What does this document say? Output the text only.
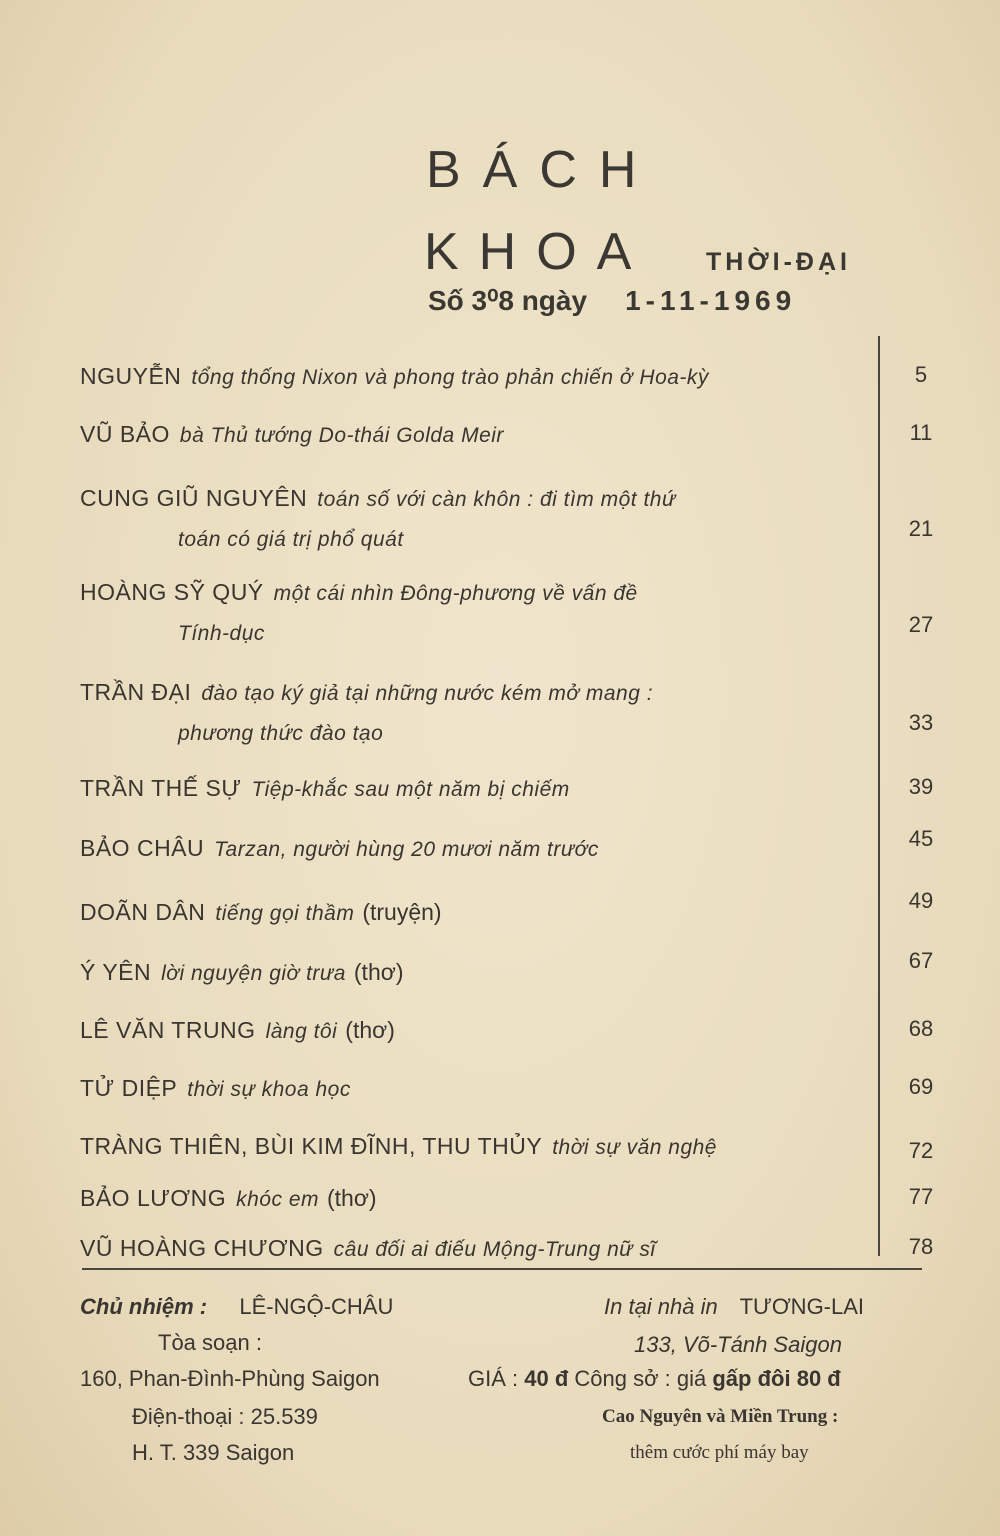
BÁCH
KHOA THỜI-ĐẠI
Số 3⁰8 ngày 1-11-1969
NGUYỄN tổng thống Nixon và phong trào phản chiến ở Hoa-kỳ	5
VŨ BẢO bà Thủ tướng Do-thái Golda Meir	11
CUNG GIŨ NGUYÊN toán số với càn khôn : đi tìm một thứ
toán có giá trị phổ quát	21
HOÀNG SỸ QUÝ một cái nhìn Đông-phương về vấn đề
Tính-dục	27
TRẦN ĐẠI đào tạo ký giả tại những nước kém mở mang :
phương thức đào tạo	33
TRẦN THẾ SỰ Tiệp-khắc sau một năm bị chiếm	39
BẢO CHÂU Tarzan, người hùng 20 mươi năm trước	45
DOÃN DÂN tiếng gọi thầm (truyện)	49
Ý YÊN lời nguyện giờ trưa (thơ)	67
LÊ VĂN TRUNG làng tôi (thơ)	68
TỬ DIỆP thời sự khoa học	69
TRÀNG THIÊN, BÙI KIM ĐĨNH, THU THỦY thời sự văn nghệ	72
BẢO LƯƠNG khóc em (thơ)	77
VŨ HOÀNG CHƯƠNG câu đối ai điếu Mộng-Trung nữ sĩ	78
Chủ nhiệm : LÊ-NGỘ-CHÂU
Tòa soạn :
160, Phan-Đình-Phùng Saigon
Điện-thoại : 25.539
H. T. 339 Saigon
In tại nhà in TƯƠNG-LAI
133, Võ-Tánh Saigon
GIÁ : 40 đ Công sở : giá gấp đôi 80 đ
Cao Nguyên và Miền Trung :
thêm cước phí máy bay
